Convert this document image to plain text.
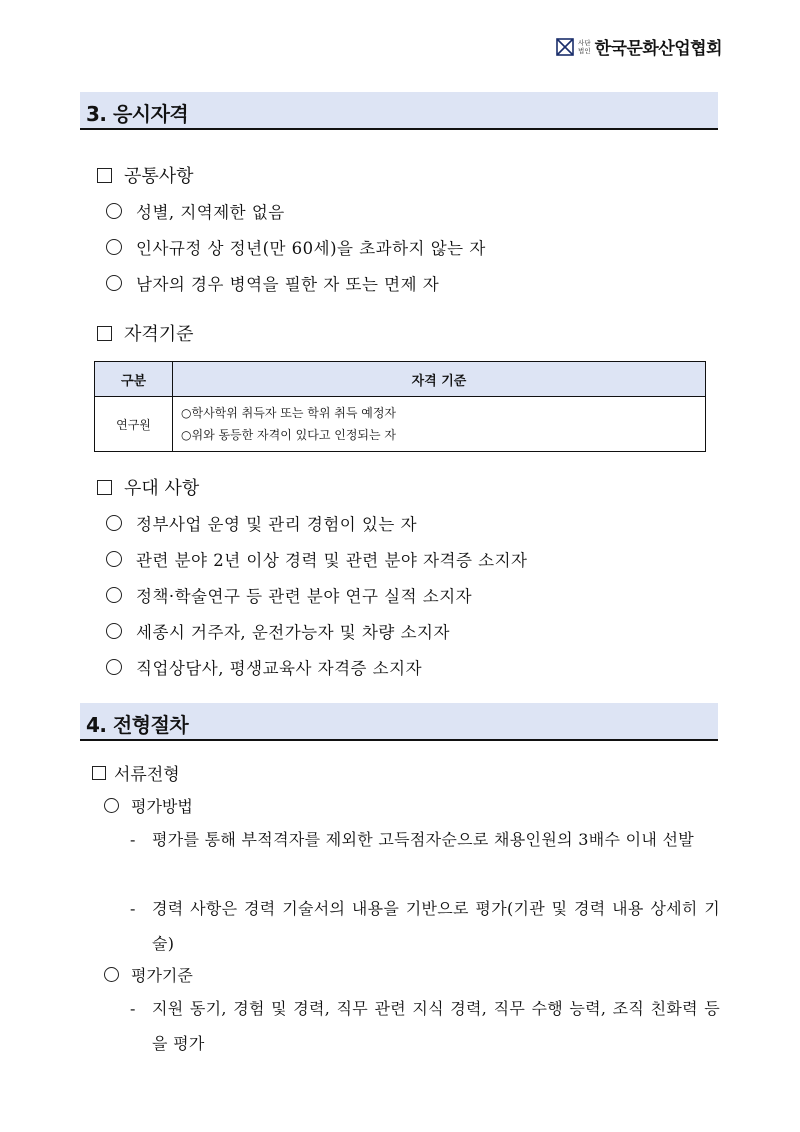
사단
법인 한국문화산업협회
3. 응시자격
공통사항
성별, 지역제한 없음
인사규정 상 정년(만 60세)을 초과하지 않는 자
남자의 경우 병역을 필한 자 또는 면제 자
자격기준
구분	자격 기준
연구원	○학사학위 취득자 또는 학위 취득 예정자
○위와 동등한 자격이 있다고 인정되는 자
우대 사항
정부사업 운영 및 관리 경험이 있는 자
관련 분야 2년 이상 경력 및 관련 분야 자격증 소지자
정책·학술연구 등 관련 분야 연구 실적 소지자
세종시 거주자, 운전가능자 및 차량 소지자
직업상담사, 평생교육사 자격증 소지자
4. 전형절차
서류전형
평가방법
-	평가를 통해 부적격자를 제외한 고득점자순으로 채용인원의 3배수 이내 선발
-	경력 사항은 경력 기술서의 내용을 기반으로 평가(기관 및 경력 내용 상세히 기술)
평가기준
-	지원 동기, 경험 및 경력, 직무 관련 지식 경력, 직무 수행 능력, 조직 친화력 등을 평가
